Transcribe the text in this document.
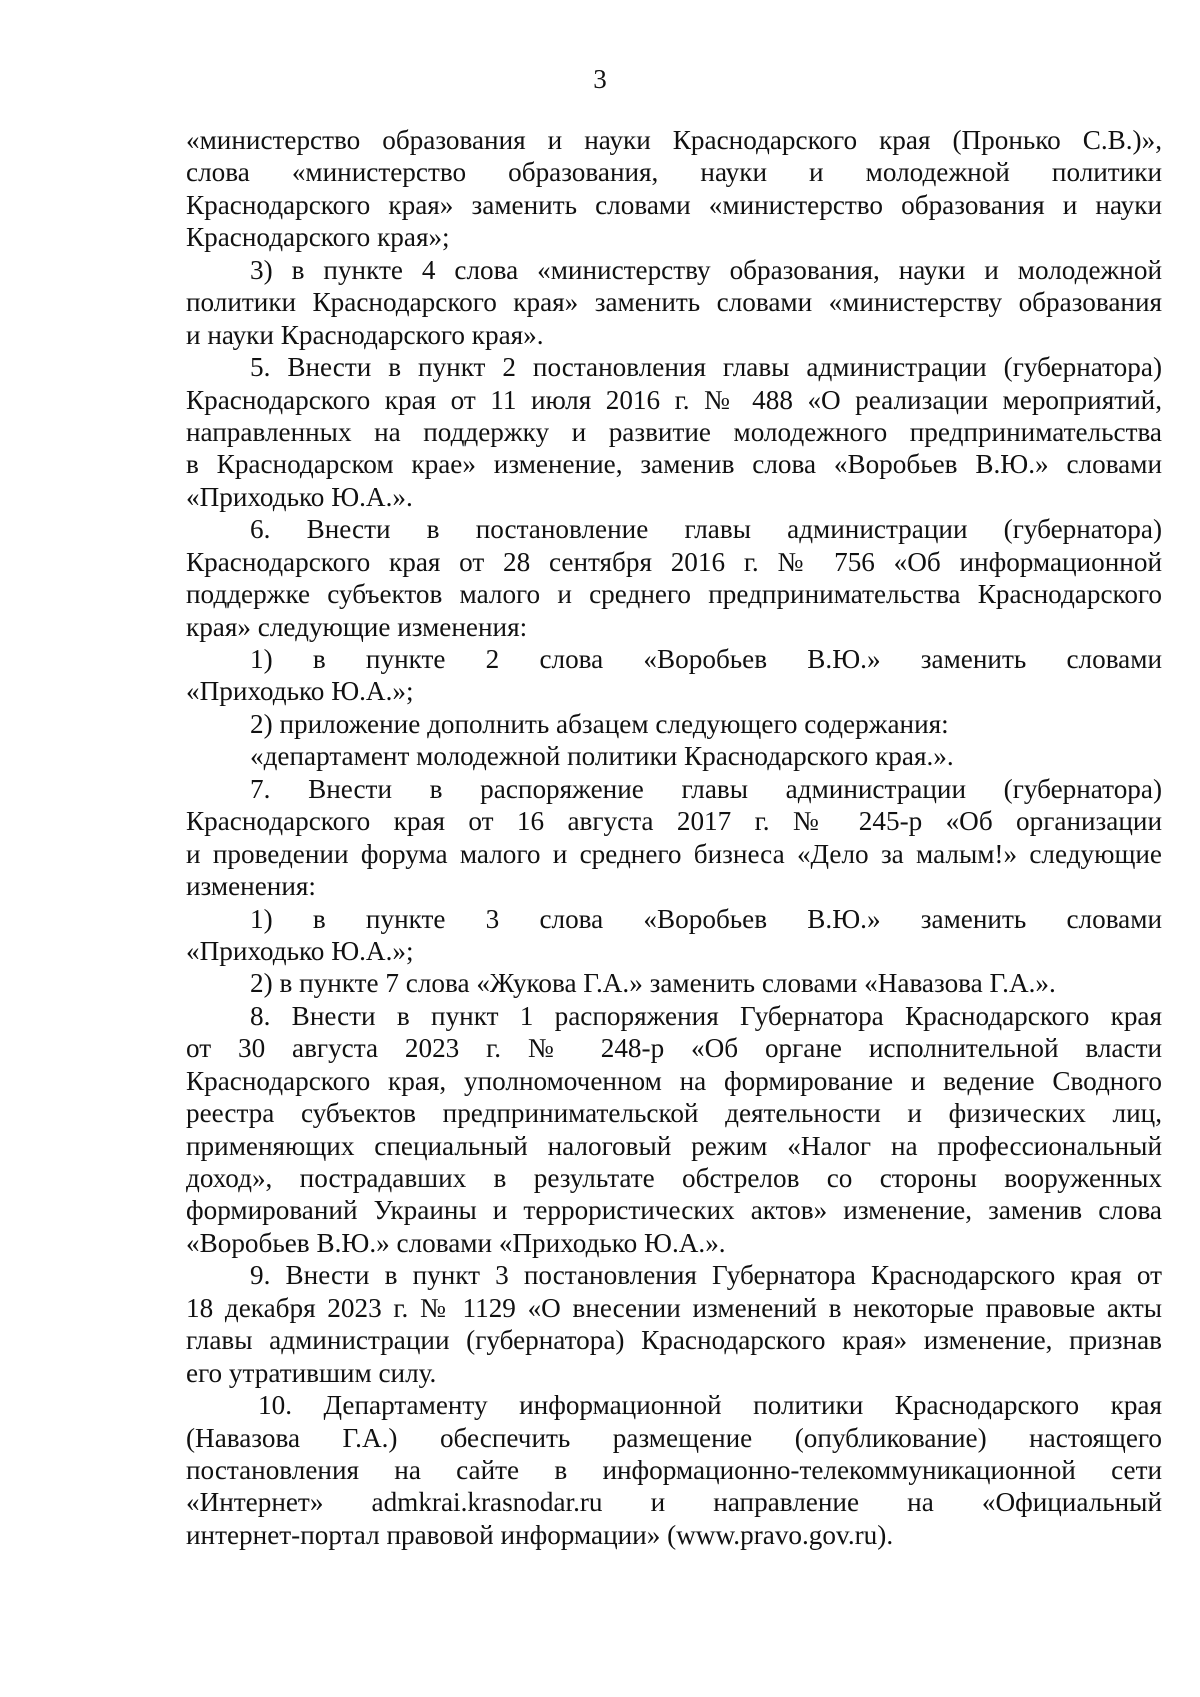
3
«министерство образования и науки Краснодарского края (Пронько С.В.)»,
слова «министерство образования, науки и молодежной политики
Краснодарского края» заменить словами «министерство образования и науки
Краснодарского края»;
3) в пункте 4 слова «министерству образования, науки и молодежной
политики Краснодарского края» заменить словами «министерству образования
и науки Краснодарского края».
5. Внести в пункт 2 постановления главы администрации (губернатора)
Краснодарского края от 11 июля 2016 г. № 488 «О реализации мероприятий,
направленных на поддержку и развитие молодежного предпринимательства
в Краснодарском крае» изменение, заменив слова «Воробьев В.Ю.» словами
«Приходько Ю.А.».
6. Внести в постановление главы администрации (губернатора)
Краснодарского края от 28 сентября 2016 г. № 756 «Об информационной
поддержке субъектов малого и среднего предпринимательства Краснодарского
края» следующие изменения:
1) в пункте 2 слова «Воробьев В.Ю.» заменить словами
«Приходько Ю.А.»;
2) приложение дополнить абзацем следующего содержания:
«департамент молодежной политики Краснодарского края.».
7. Внести в распоряжение главы администрации (губернатора)
Краснодарского края от 16 августа 2017 г. № 245-р «Об организации
и проведении форума малого и среднего бизнеса «Дело за малым!» следующие
изменения:
1) в пункте 3 слова «Воробьев В.Ю.» заменить словами
«Приходько Ю.А.»;
2) в пункте 7 слова «Жукова Г.А.» заменить словами «Навазова Г.А.».
8. Внести в пункт 1 распоряжения Губернатора Краснодарского края
от 30 августа 2023 г. № 248-р «Об органе исполнительной власти
Краснодарского края, уполномоченном на формирование и ведение Сводного
реестра субъектов предпринимательской деятельности и физических лиц,
применяющих специальный налоговый режим «Налог на профессиональный
доход», пострадавших в результате обстрелов со стороны вооруженных
формирований Украины и террористических актов» изменение, заменив слова
«Воробьев В.Ю.» словами «Приходько Ю.А.».
9. Внести в пункт 3 постановления Губернатора Краснодарского края от
18 декабря 2023 г. № 1129 «О внесении изменений в некоторые правовые акты
главы администрации (губернатора) Краснодарского края» изменение, признав
его утратившим силу.
10. Департаменту информационной политики Краснодарского края
(Навазова Г.А.) обеспечить размещение (опубликование) настоящего
постановления на сайте в информационно-телекоммуникационной сети
«Интернет» admkrai.krasnodar.ru и направление на «Официальный
интернет-портал правовой информации» (www.pravo.gov.ru).
